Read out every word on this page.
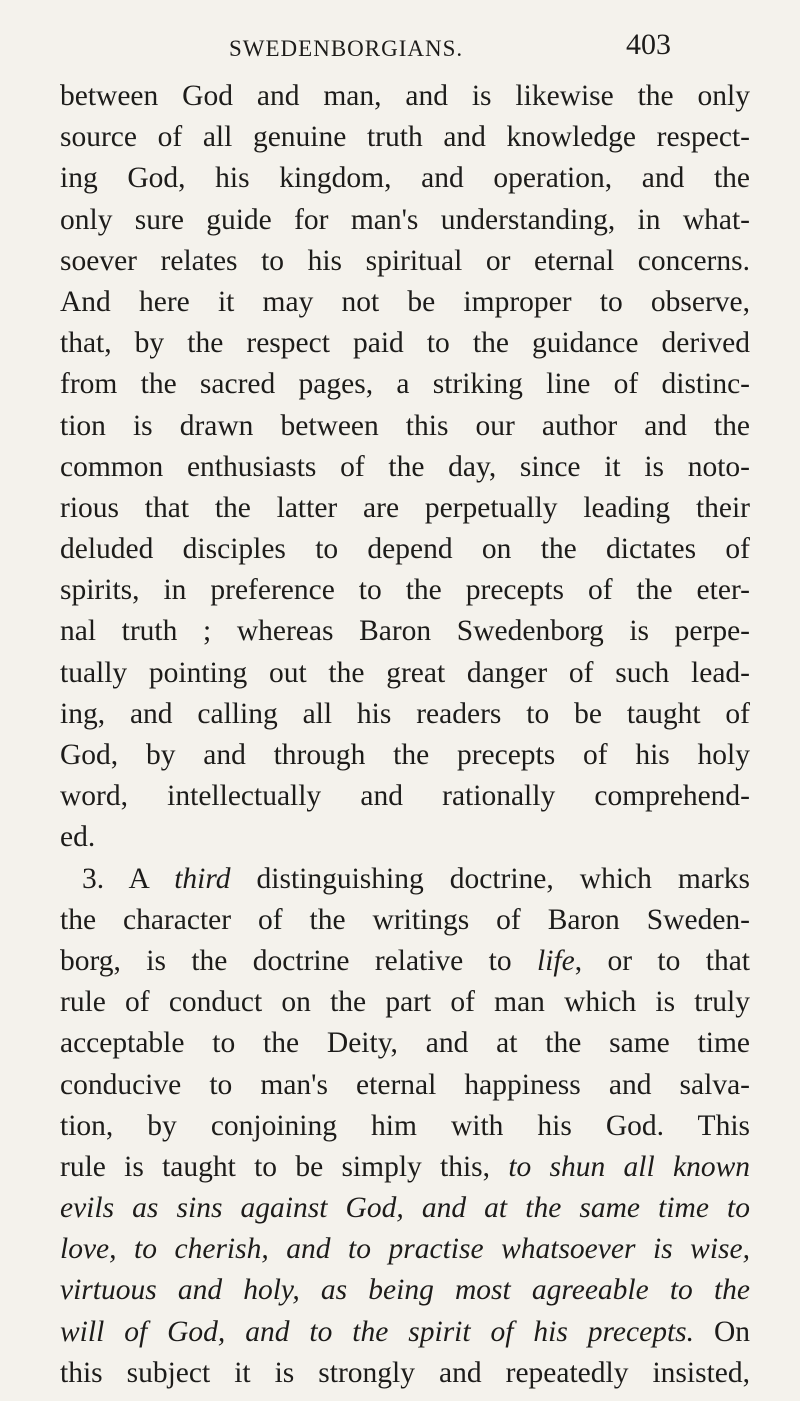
SWEDENBORGIANS.	403
between God and man, and is likewise the only
source of all genuine truth and knowledge respect-
ing God, his kingdom, and operation, and the
only sure guide for man's understanding, in what-
soever relates to his spiritual or eternal concerns.
And here it may not be improper to observe,
that, by the respect paid to the guidance derived
from the sacred pages, a striking line of distinc-
tion is drawn between this our author and the
common enthusiasts of the day, since it is noto-
rious that the latter are perpetually leading their
deluded disciples to depend on the dictates of
spirits, in preference to the precepts of the eter-
nal truth ; whereas Baron Swedenborg is perpe-
tually pointing out the great danger of such lead-
ing, and calling all his readers to be taught of
God, by and through the precepts of his holy
word, intellectually and rationally comprehend-
ed.
3. A third distinguishing doctrine, which marks
the character of the writings of Baron Sweden-
borg, is the doctrine relative to life, or to that
rule of conduct on the part of man which is truly
acceptable to the Deity, and at the same time
conducive to man's eternal happiness and salva-
tion, by conjoining him with his God. This
rule is taught to be simply this, to shun all known
evils as sins against God, and at the same time to
love, to cherish, and to practise whatsoever is wise,
virtuous and holy, as being most agreeable to the
will of God, and to the spirit of his precepts. On
this subject it is strongly and repeatedly insisted,
